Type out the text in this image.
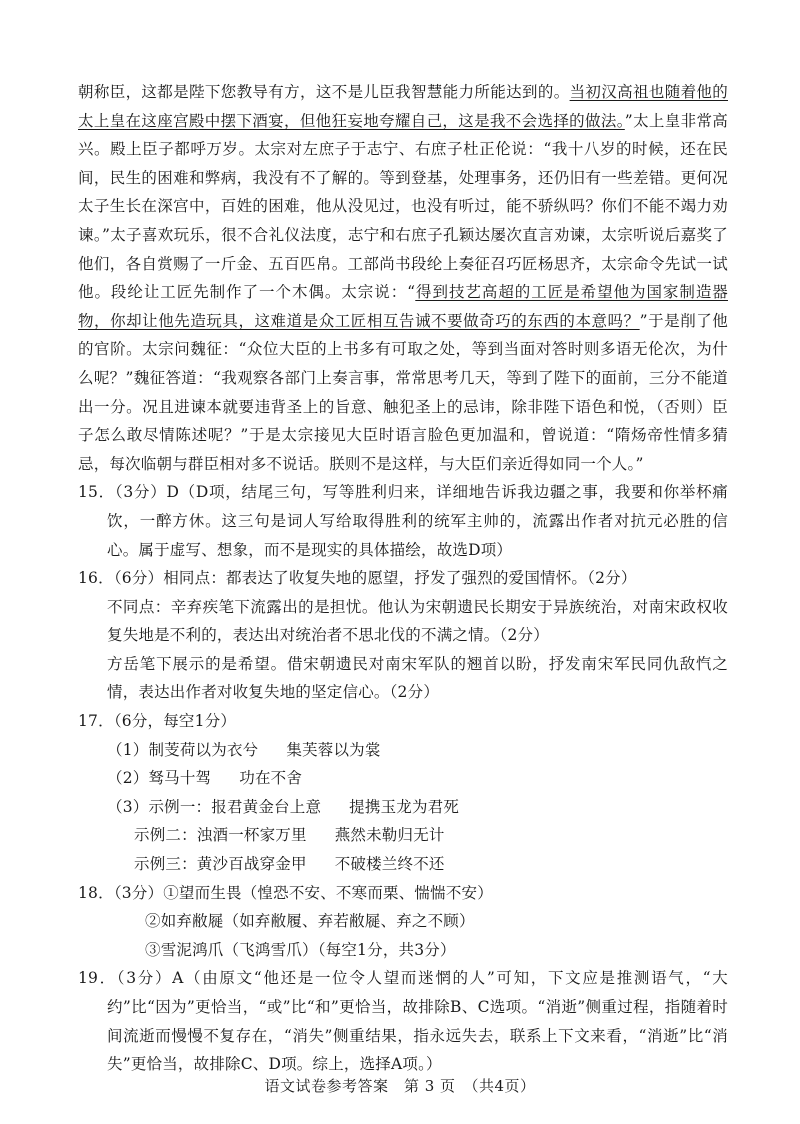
朝称臣，这都是陛下您教导有方，这不是儿臣我智慧能力所能达到的。当初汉高祖也随着他的太上皇在这座宫殿中摆下酒宴，但他狂妄地夸耀自己，这是我不会选择的做法。”太上皇非常高兴。殿上臣子都呼万岁。太宗对左庶子于志宁、右庶子杜正伦说：“我十八岁的时候，还在民间，民生的困难和弊病，我没有不了解的。等到登基，处理事务，还仍旧有一些差错。更何况太子生长在深宫中，百姓的困难，他从没见过，也没有听过，能不骄纵吗？你们不能不竭力劝谏。”太子喜欢玩乐，很不合礼仪法度，志宁和右庶子孔颖达屡次直言劝谏，太宗听说后嘉奖了他们，各自赏赐了一斤金、五百匹帛。工部尚书段纶上奏征召巧匠杨思齐，太宗命令先试一试他。段纶让工匠先制作了一个木偶。太宗说：“得到技艺高超的工匠是希望他为国家制造器物，你却让他先造玩具，这难道是众工匠相互告诫不要做奇巧的东西的本意吗？”于是削了他的官阶。太宗问魏征：“众位大臣的上书多有可取之处，等到当面对答时则多语无伦次，为什么呢？”魏征答道：“我观察各部门上奏言事，常常思考几天，等到了陛下的面前，三分不能道出一分。况且进谏本就要违背圣上的旨意、触犯圣上的忌讳，除非陛下语色和悦，（否则）臣子怎么敢尽情陈述呢？”于是太宗接见大臣时语言脸色更加温和，曾说道：“隋炀帝性情多猜忌，每次临朝与群臣相对多不说话。朕则不是这样，与大臣们亲近得如同一个人。”

15．（3分）D（D项，结尾三句，写等胜利归来，详细地告诉我边疆之事，我要和你举杯痛饮，一醉方休。这三句是词人写给取得胜利的统军主帅的，流露出作者对抗元必胜的信心。属于虚写、想象，而不是现实的具体描绘，故选D项）

16．（6分）相同点：都表达了收复失地的愿望，抒发了强烈的爱国情怀。（2分）

不同点：辛弃疾笔下流露出的是担忧。他认为宋朝遗民长期安于异族统治，对南宋政权收复失地是不利的，表达出对统治者不思北伐的不满之情。（2分）

方岳笔下展示的是希望。借宋朝遗民对南宋军队的翘首以盼，抒发南宋军民同仇敌忾之情，表达出作者对收复失地的坚定信心。（2分）

17．（6分，每空1分）

（1）制芰荷以为衣兮 集芙蓉以为裳

（2）驽马十驾 功在不舍

（3）示例一：报君黄金台上意 提携玉龙为君死

示例二：浊酒一杯家万里 燕然未勒归无计

示例三：黄沙百战穿金甲 不破楼兰终不还

18．（3分）①望而生畏（惶恐不安、不寒而栗、惴惴不安）

②如弃敝屣（如弃敝履、弃若敝屣、弃之不顾）

③雪泥鸿爪（飞鸿雪爪）（每空1分，共3分）

19．（3分）A（由原文“他还是一位令人望而迷惘的人”可知，下文应是推测语气，“大约”比“因为”更恰当，“或”比“和”更恰当，故排除B、C选项。“消逝”侧重过程，指随着时间流逝而慢慢不复存在，“消失”侧重结果，指永远失去，联系上下文来看，“消逝”比“消失”更恰当，故排除C、D项。综上，选择A项。）

语文试卷参考答案　第 3 页　（共4页）
